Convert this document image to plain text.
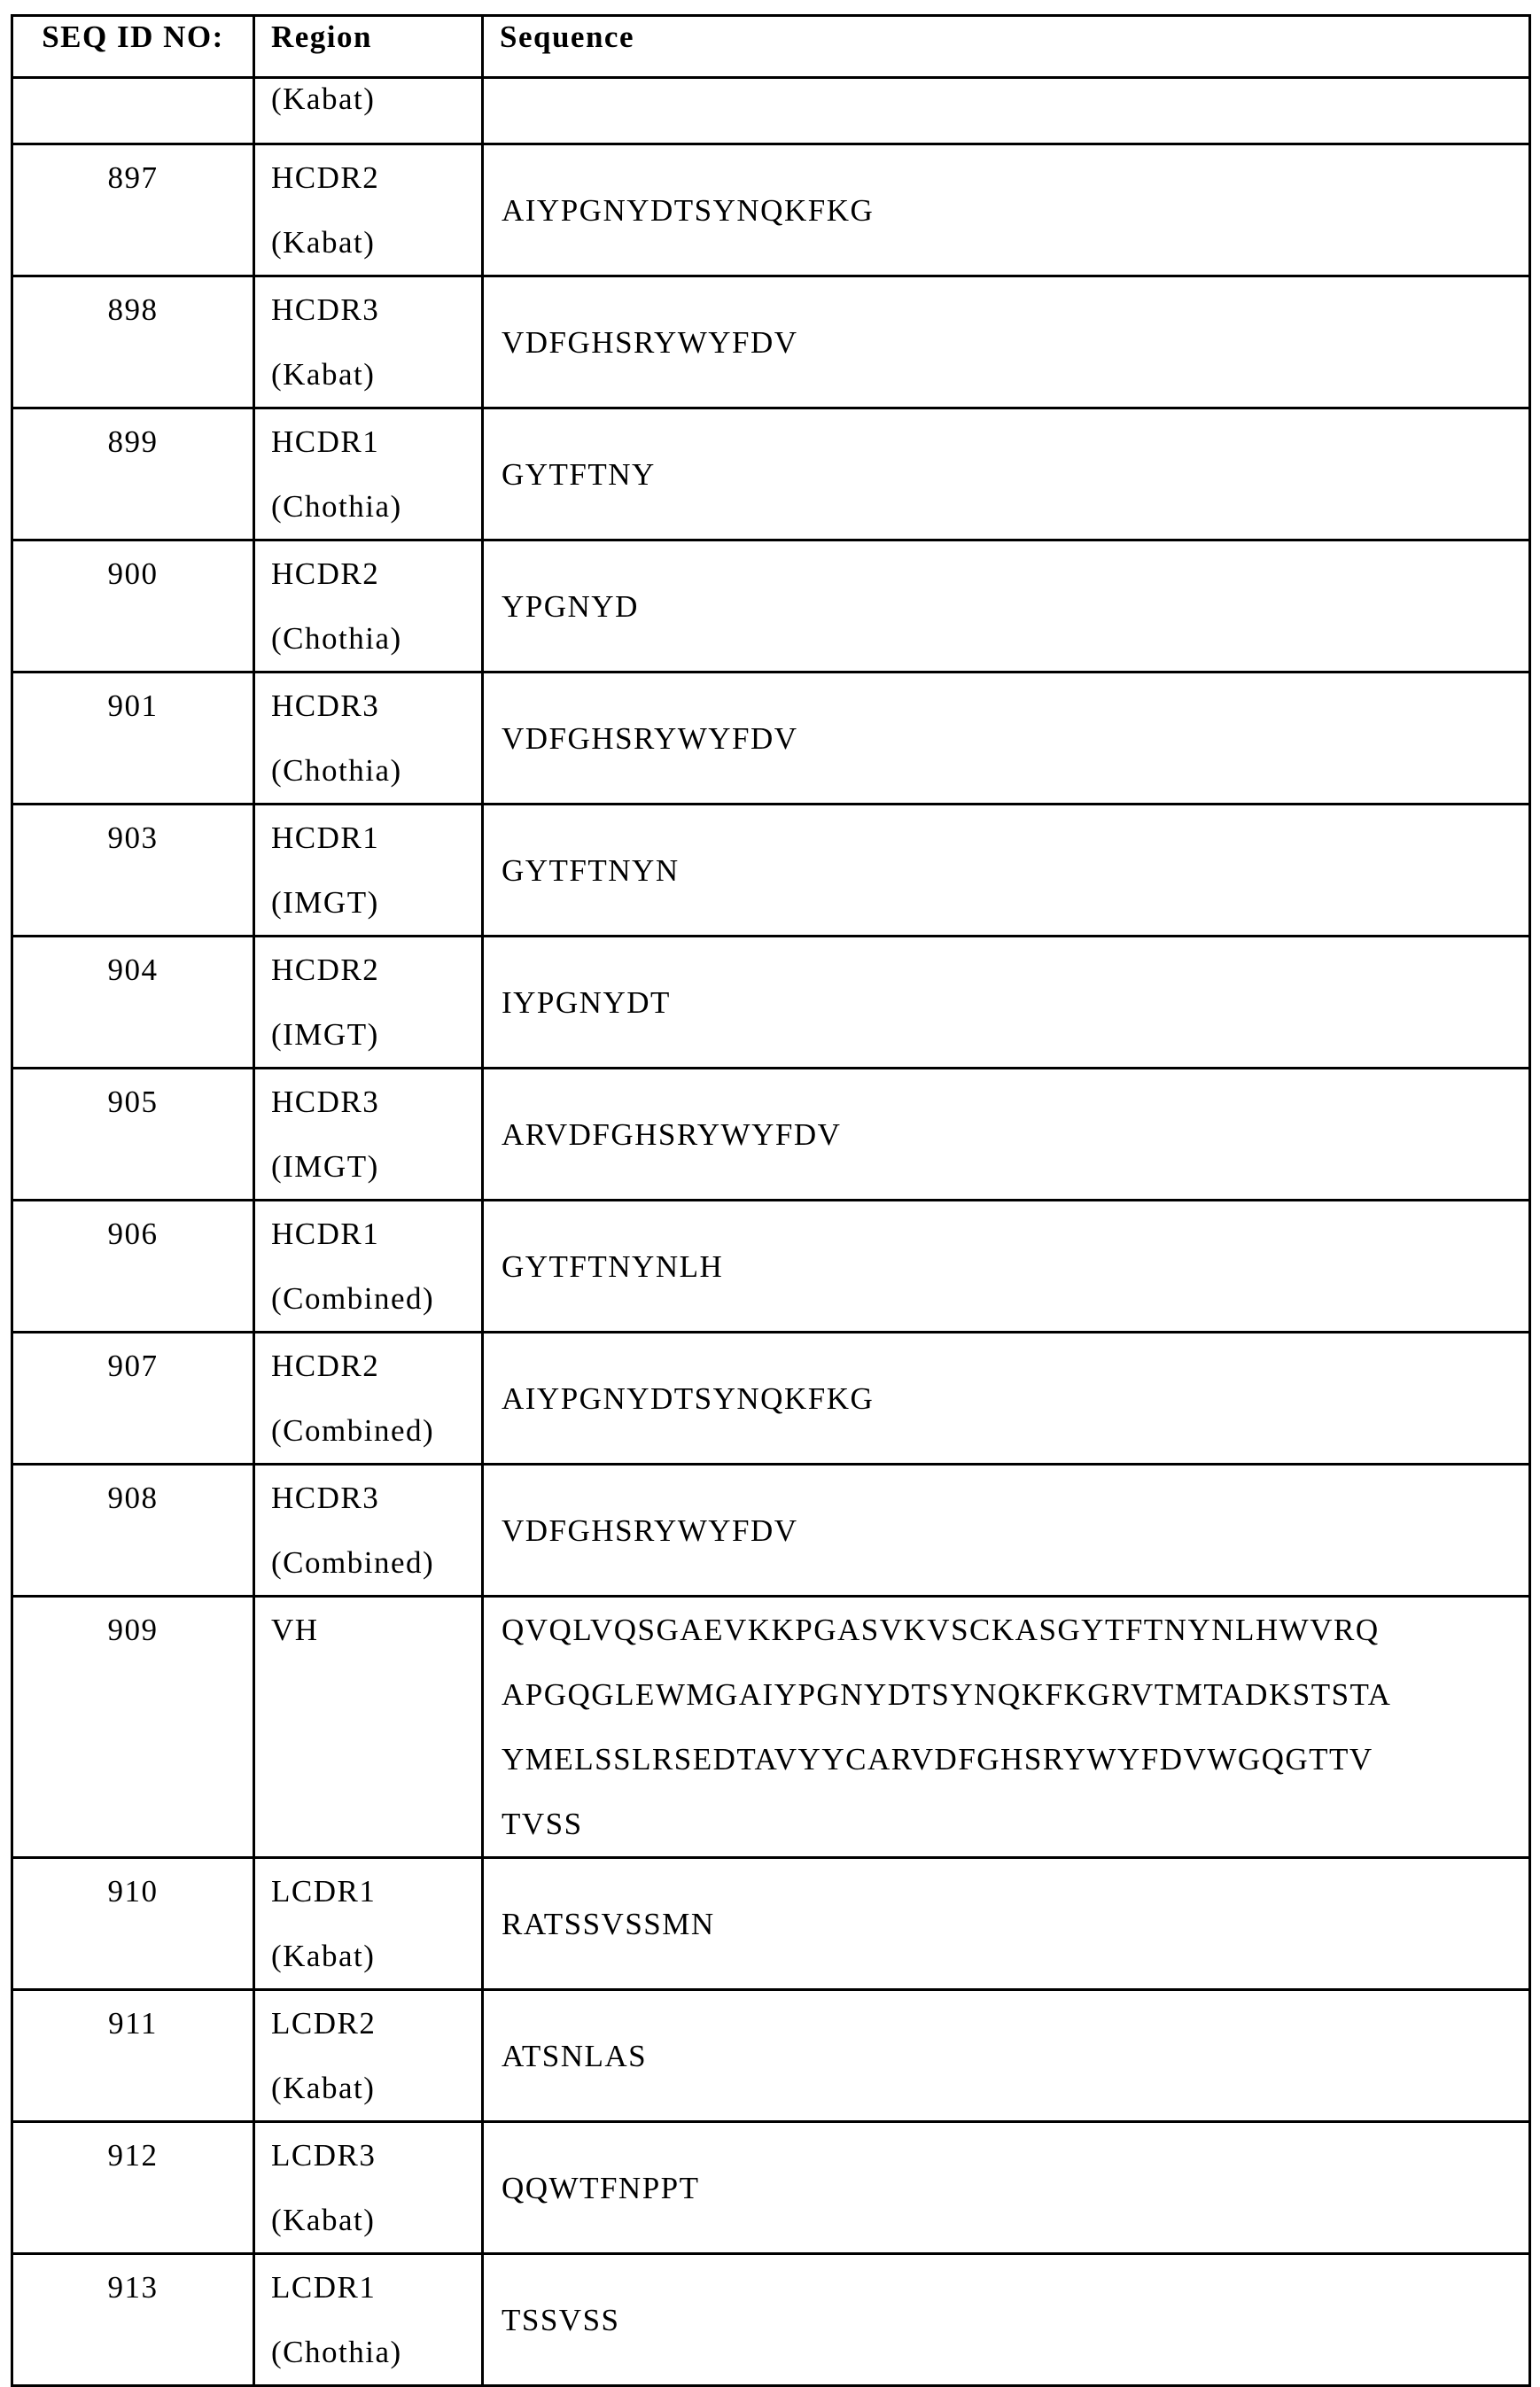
SEQ ID NO:	Region	Sequence
	(Kabat)	
897	HCDR2
(Kabat)
	AIYPGNYDTSYNQKFKG
898	HCDR3
(Kabat)
	VDFGHSRYWYFDV
899	HCDR1
(Chothia)
	GYTFTNY
900	HCDR2
(Chothia)
	YPGNYD
901	HCDR3
(Chothia)
	VDFGHSRYWYFDV
903	HCDR1
(IMGT)
	GYTFTNYN
904	HCDR2
(IMGT)
	IYPGNYDT
905	HCDR3
(IMGT)
	ARVDFGHSRYWYFDV
906	HCDR1
(Combined)
	GYTFTNYNLH
907	HCDR2
(Combined)
	AIYPGNYDTSYNQKFKG
908	HCDR3
(Combined)
	VDFGHSRYWYFDV
909	VH	QVQLVQSGAEVKKPGASVKVSCKASGYTFTNYNLHWVRQ
APGQGLEWMGAIYPGNYDTSYNQKFKGRVTMTADKSTSTA
YMELSSLRSEDTAVYYCARVDFGHSRYWYFDVWGQGTTV
TVSS

910	LCDR1
(Kabat)
	RATSSVSSMN
911	LCDR2
(Kabat)
	ATSNLAS
912	LCDR3
(Kabat)
	QQWTFNPPT
913	LCDR1
(Chothia)
	TSSVSS
